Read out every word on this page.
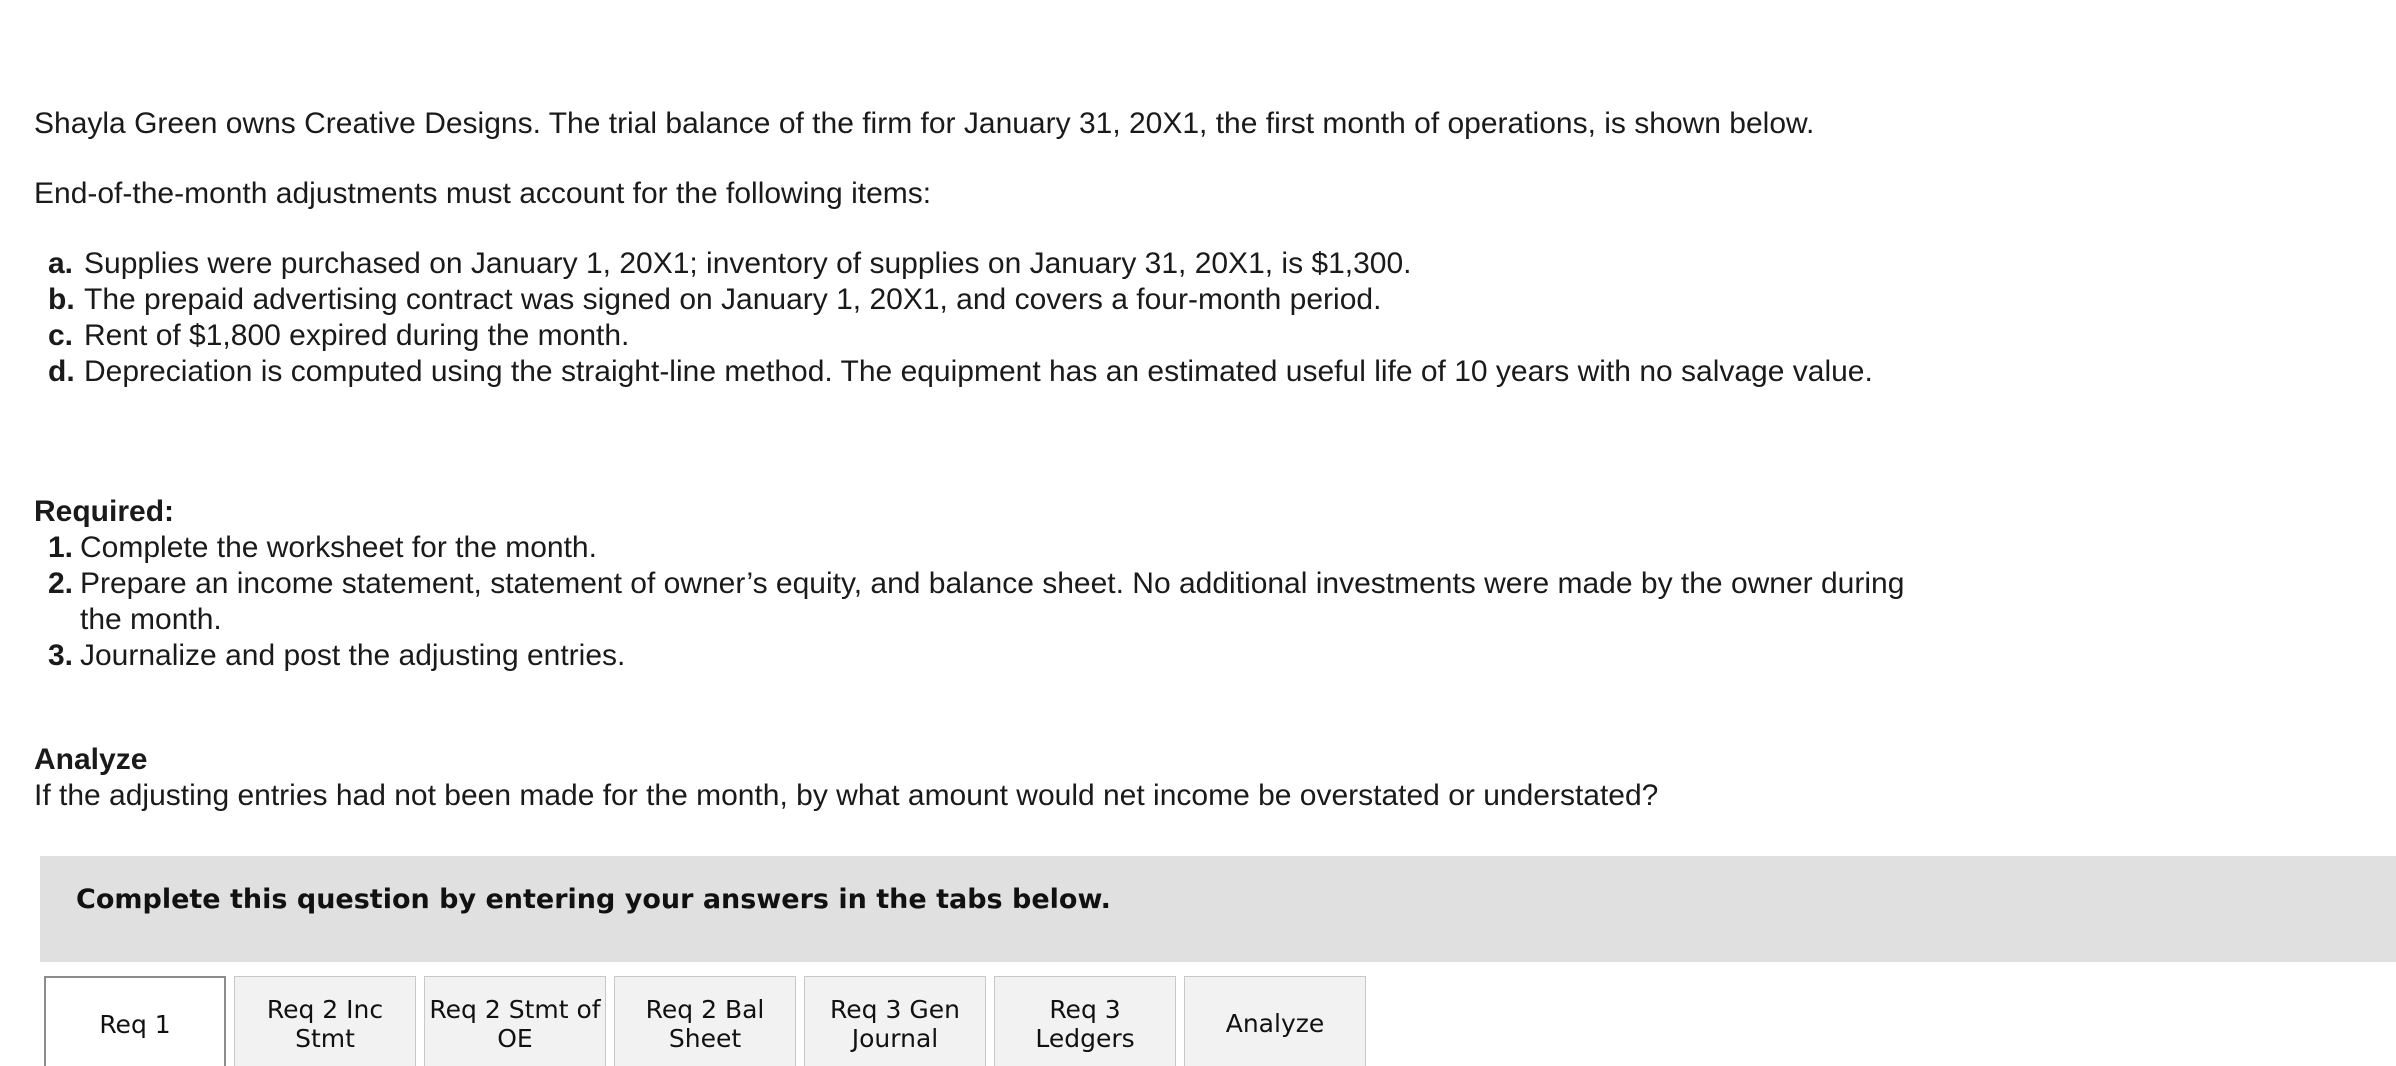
Shayla Green owns Creative Designs. The trial balance of the firm for January 31, 20X1, the first month of operations, is shown below.
End-of-the-month adjustments must account for the following items:
a. Supplies were purchased on January 1, 20X1; inventory of supplies on January 31, 20X1, is $1,300.
b. The prepaid advertising contract was signed on January 1, 20X1, and covers a four-month period.
c. Rent of $1,800 expired during the month.
d. Depreciation is computed using the straight-line method. The equipment has an estimated useful life of 10 years with no salvage value.
Required:
1. Complete the worksheet for the month.
2. Prepare an income statement, statement of owner’s equity, and balance sheet. No additional investments were made by the owner during the month.
3. Journalize and post the adjusting entries.
Analyze
If the adjusting entries had not been made for the month, by what amount would net income be overstated or understated?
Complete this question by entering your answers in the tabs below.
Req 1
Req 2 Inc Stmt
Req 2 Stmt of OE
Req 2 Bal Sheet
Req 3 Gen Journal
Req 3 Ledgers	Analyze
